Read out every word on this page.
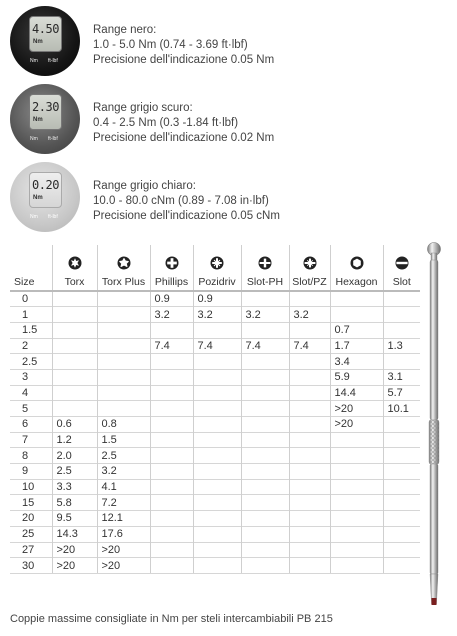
4.50
Nm
Nm ft-lbf
Range nero:
1.0 - 5.0 Nm (0.74 - 3.69 ft·lbf)
Precisione dell'indicazione 0.05 Nm
2.30
Nm
Nm ft-lbf
Range grigio scuro:
0.4 - 2.5 Nm (0.3 -1.84 ft·lbf)
Precisione dell'indicazione 0.02 Nm
0.20
Nm
Nm ft-lbf
Range grigio chiaro:
10.0 - 80.0 cNm (0.89 - 7.08 in·lbf)
Precisione dell'indicazione 0.05 cNm
Size	Torx	Torx Plus	Phillips	Pozidriv	Slot-PH	Slot/PZ	Hexagon	Slot

0			0.9	0.9				
1			3.2	3.2	3.2	3.2		
1.5							0.7	
2			7.4	7.4	7.4	7.4	1.7	1.3
2.5							3.4	
3							5.9	3.1
4							14.4	5.7
5							>20	10.1
6	0.6	0.8					>20	
7	1.2	1.5						
8	2.0	2.5						
9	2.5	3.2						
10	3.3	4.1						
15	5.8	7.2						
20	9.5	12.1						
25	14.3	17.6						
27	>20	>20						
30	>20	>20						
Coppie massime consigliate in Nm per steli intercambiabili PB 215
